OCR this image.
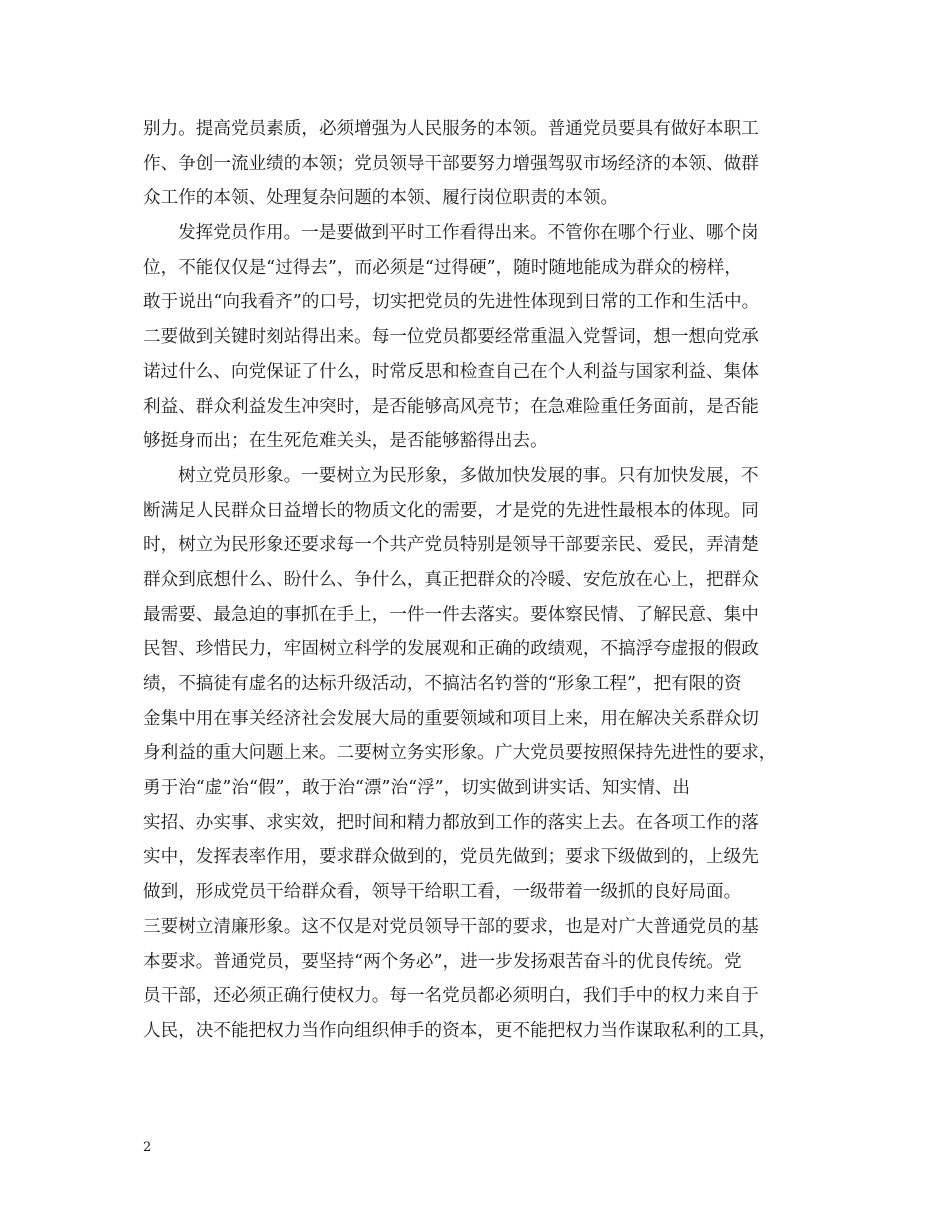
别力。提高党员素质，必须增强为人民服务的本领。普通党员要具有做好本职工
作、争创一流业绩的本领；党员领导干部要努力增强驾驭市场经济的本领、做群
众工作的本领、处理复杂问题的本领、履行岗位职责的本领。
发挥党员作用。一是要做到平时工作看得出来。不管你在哪个行业、哪个岗
位，不能仅仅是“过得去”，而必须是“过得硬”，随时随地能成为群众的榜样，
敢于说出“向我看齐”的口号，切实把党员的先进性体现到日常的工作和生活中。
二要做到关键时刻站得出来。每一位党员都要经常重温入党誓词，想一想向党承
诺过什么、向党保证了什么，时常反思和检查自己在个人利益与国家利益、集体
利益、群众利益发生冲突时，是否能够高风亮节；在急难险重任务面前，是否能
够挺身而出；在生死危难关头，是否能够豁得出去。
树立党员形象。一要树立为民形象，多做加快发展的事。只有加快发展，不
断满足人民群众日益增长的物质文化的需要，才是党的先进性最根本的体现。同
时，树立为民形象还要求每一个共产党员特别是领导干部要亲民、爱民，弄清楚
群众到底想什么、盼什么、争什么，真正把群众的冷暖、安危放在心上，把群众
最需要、最急迫的事抓在手上，一件一件去落实。要体察民情、了解民意、集中
民智、珍惜民力，牢固树立科学的发展观和正确的政绩观，不搞浮夸虚报的假政
绩，不搞徒有虚名的达标升级活动，不搞沽名钓誉的“形象工程”，把有限的资
金集中用在事关经济社会发展大局的重要领域和项目上来，用在解决关系群众切
身利益的重大问题上来。二要树立务实形象。广大党员要按照保持先进性的要求，
勇于治“虚”治“假”，敢于治“漂”治“浮”，切实做到讲实话、知实情、出
实招、办实事、求实效，把时间和精力都放到工作的落实上去。在各项工作的落
实中，发挥表率作用，要求群众做到的，党员先做到；要求下级做到的，上级先
做到，形成党员干给群众看，领导干给职工看，一级带着一级抓的良好局面。
三要树立清廉形象。这不仅是对党员领导干部的要求，也是对广大普通党员的基
本要求。普通党员，要坚持“两个务必”，进一步发扬艰苦奋斗的优良传统。党
员干部，还必须正确行使权力。每一名党员都必须明白，我们手中的权力来自于
人民，决不能把权力当作向组织伸手的资本，更不能把权力当作谋取私利的工具，
2
